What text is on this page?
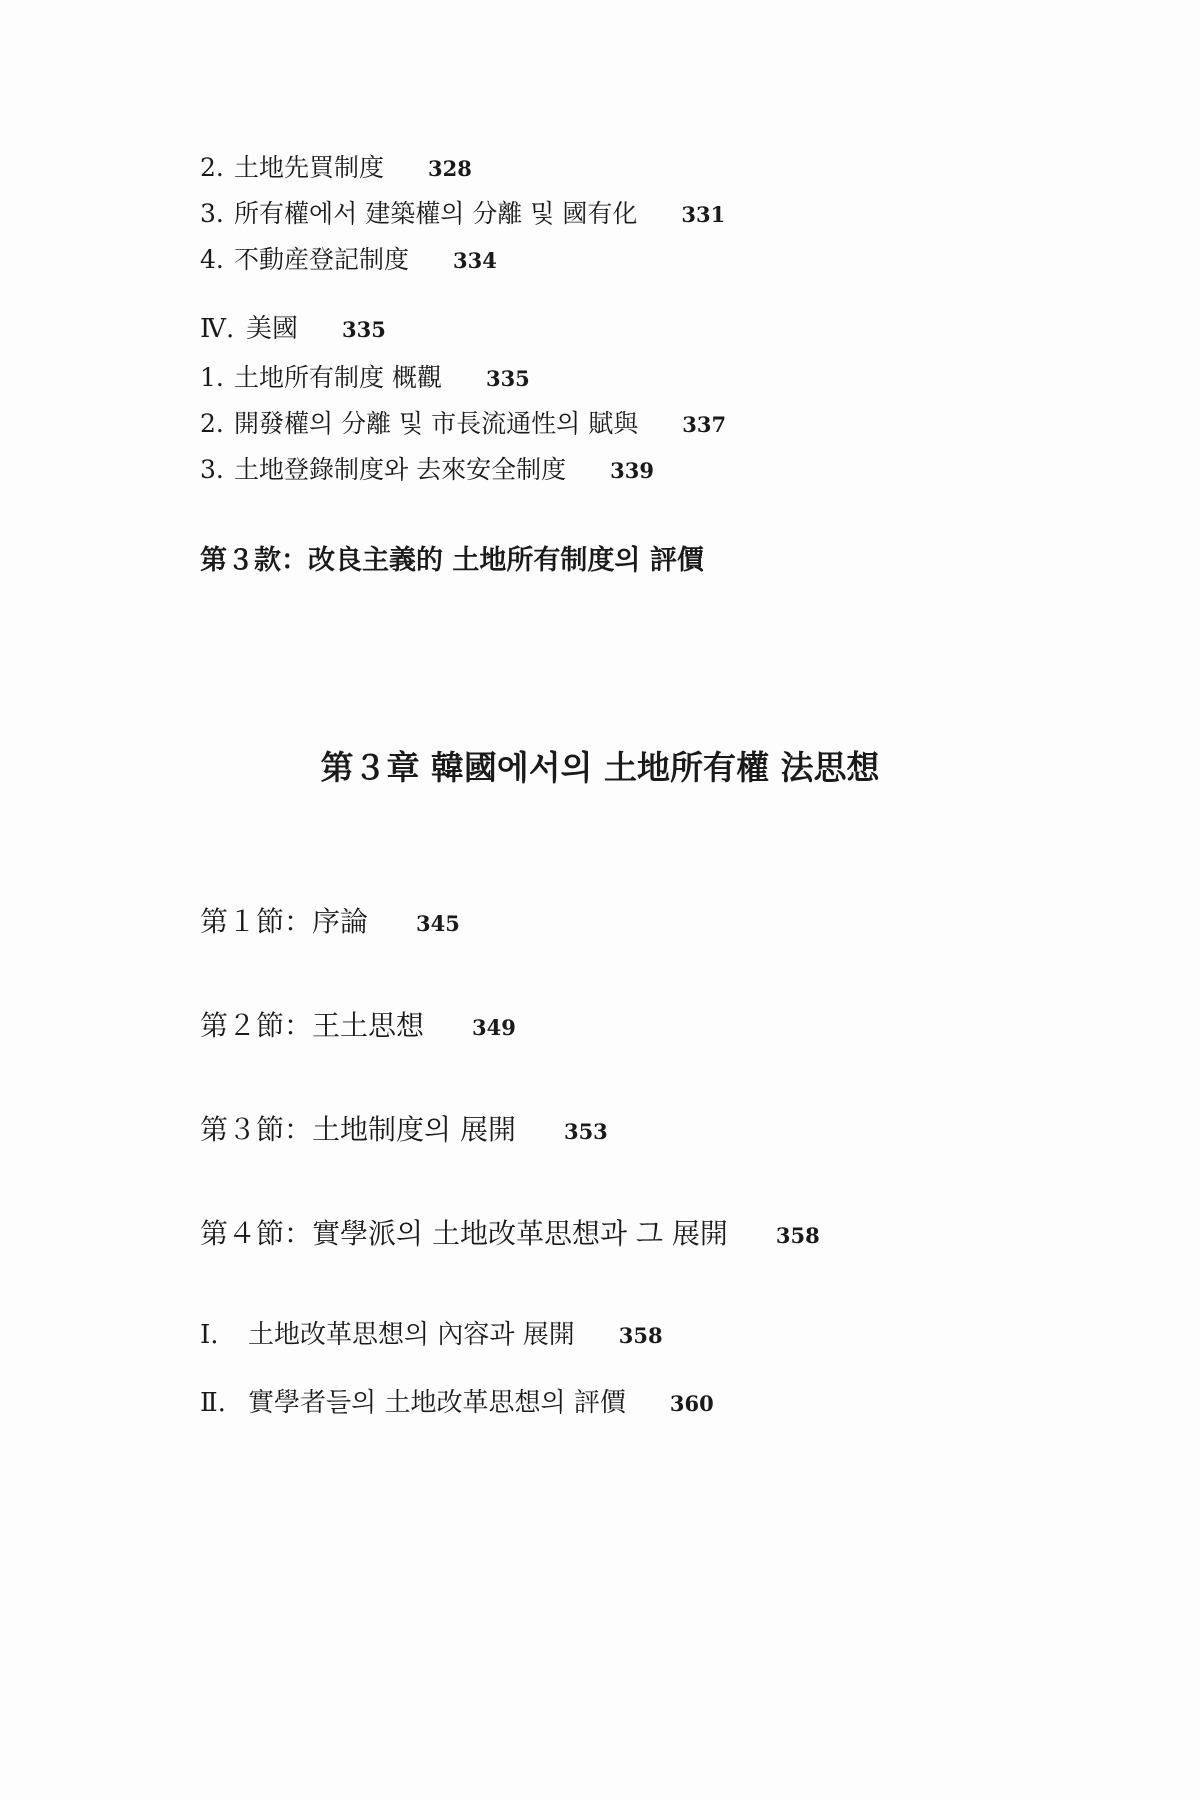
2. 土地先買制度 328
3. 所有權에서 建築權의 分離 및 國有化 331
4. 不動産登記制度 334
Ⅳ. 美國 335
1. 土地所有制度 概觀 335
2. 開發權의 分離 및 市長流通性의 賦與 337
3. 土地登錄制度와 去來安全制度 339
第３款：改良主義的 土地所有制度의 評價
第３章 韓國에서의 土地所有權 法思想
第１節：序論 345
第２節：王土思想 349
第３節：土地制度의 展開 353
第４節：實學派의 土地改革思想과 그 展開 358
Ⅰ.	土地改革思想의 內容과 展開 358
Ⅱ. 實學者들의 土地改革思想의 評價 360
